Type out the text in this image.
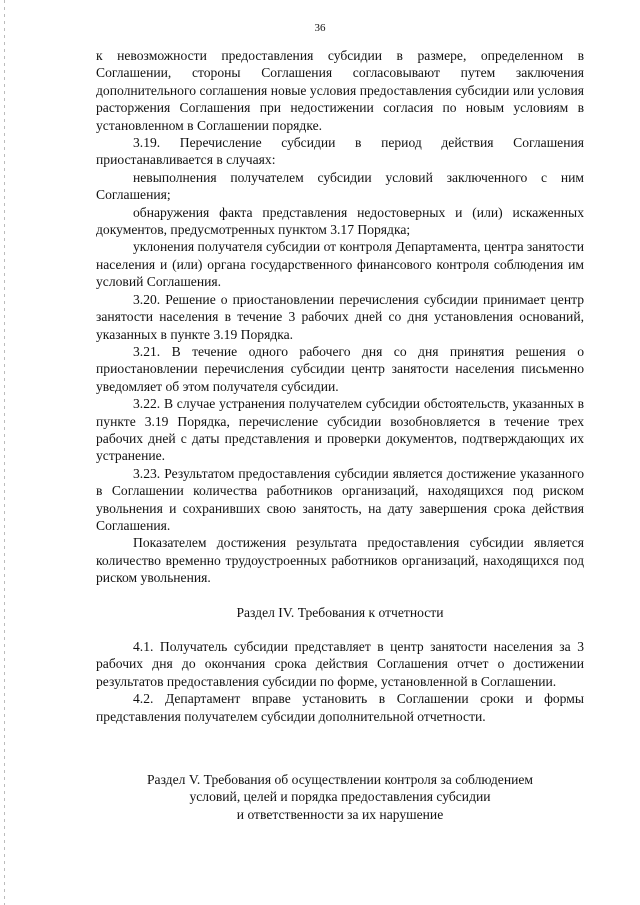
36

к невозможности предоставления субсидии в размере, определенном в Соглашении, стороны Соглашения согласовывают путем заключения дополнительного соглашения новые условия предоставления субсидии или условия расторжения Соглашения при недостижении согласия по новым условиям в установленном в Соглашении порядке.

3.19. Перечисление субсидии в период действия Соглашения приостанавливается в случаях:

невыполнения получателем субсидии условий заключенного с ним Соглашения;

обнаружения факта представления недостоверных и (или) искаженных документов, предусмотренных пунктом 3.17 Порядка;

уклонения получателя субсидии от контроля Департамента, центра занятости населения и (или) органа государственного финансового контроля соблюдения им условий Соглашения.

3.20. Решение о приостановлении перечисления субсидии принимает центр занятости населения в течение 3 рабочих дней со дня установления оснований, указанных в пункте 3.19 Порядка.

3.21. В течение одного рабочего дня со дня принятия решения о приостановлении перечисления субсидии центр занятости населения письменно уведомляет об этом получателя субсидии.

3.22. В случае устранения получателем субсидии обстоятельств, указанных в пункте 3.19 Порядка, перечисление субсидии возобновляется в течение трех рабочих дней с даты представления и проверки документов, подтверждающих их устранение.

3.23. Результатом предоставления субсидии является достижение указанного в Соглашении количества работников организаций, находящихся под риском увольнения и сохранивших свою занятость, на дату завершения срока действия Соглашения.

Показателем достижения результата предоставления субсидии является количество временно трудоустроенных работников организаций, находящихся под риском увольнения.

Раздел IV. Требования к отчетности

4.1. Получатель субсидии представляет в центр занятости населения за 3 рабочих дня до окончания срока действия Соглашения отчет о достижении результатов предоставления субсидии по форме, установленной в Соглашении.

4.2. Департамент вправе установить в Соглашении сроки и формы представления получателем субсидии дополнительной отчетности.

Раздел V. Требования об осуществлении контроля за соблюдением

условий, целей и порядка предоставления субсидии

и ответственности за их нарушение
